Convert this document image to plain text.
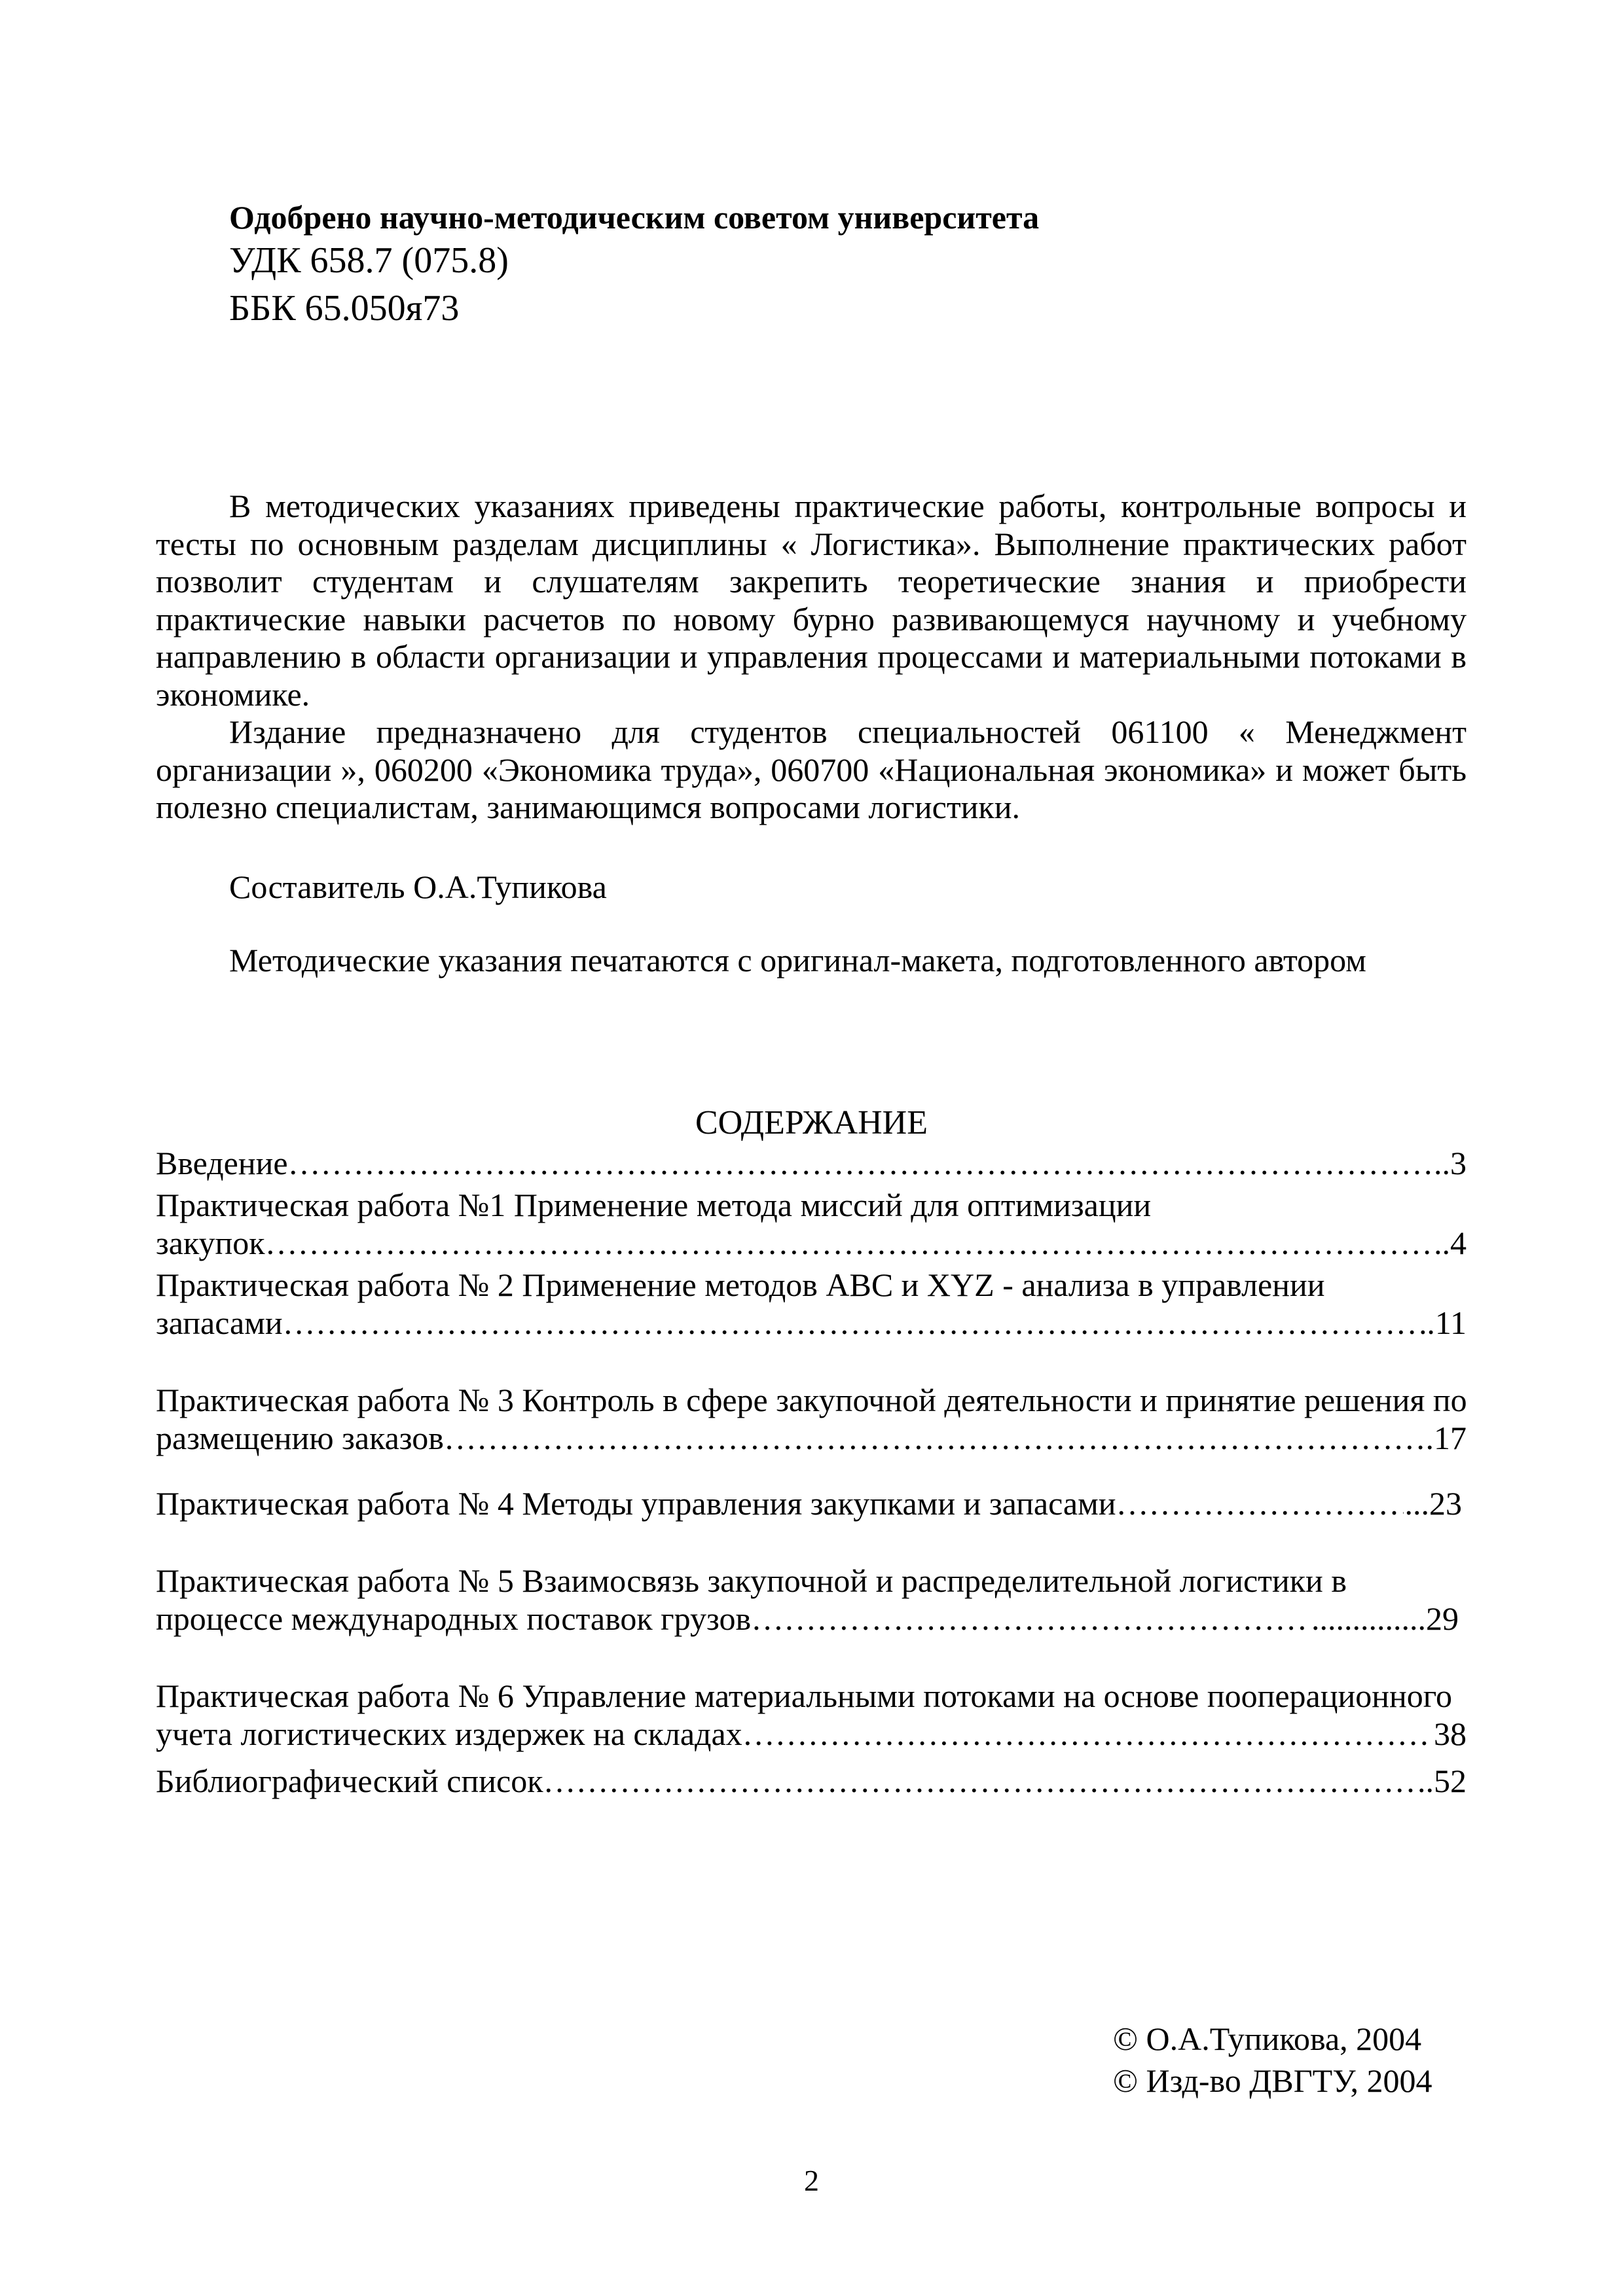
Одобрено научно-методическим советом университета
УДК 658.7 (075.8)
ББК 65.050я73

В методических указаниях приведены практические работы, контрольные вопросы и тесты по основным разделам дисциплины « Логистика». Выполнение практических работ позволит студентам и слушателям закрепить теоретические знания и приобрести практические навыки расчетов по новому бурно развивающемуся научному и учебному направлению в области организации и управления процессами и материальными потоками в экономике.

Издание предназначено для студентов специальностей 061100 « Менеджмент организации », 060200 «Экономика труда», 060700 «Национальная экономика» и может быть полезно специалистам, занимающимся вопросами логистики.

Составитель О.А.Тупикова
Методические указания печатаются с оригинал-макета, подготовленного автором
СОДЕРЖАНИЕ
Введение …………………………………………………………………………………………………………………………………………………………………………………………………………………………	..3
Практическая работа №1 Применение метода миссий для оптимизации
закупок …………………………………………………………………………………………………………………………………………………………………………………………………………………………	.4
Практическая работа № 2 Применение методов ABC и XYZ - анализа в управлении
запасами …………………………………………………………………………………………………………………………………………………………………………………………………………………………	.11
Практическая работа № 3 Контроль в сфере закупочной деятельности и принятие решения по
размещению заказов …………………………………………………………………………………………………………………………………………………………………………………………………………………………	.17
Практическая работа № 4 Методы управления закупками и запасами …………………………………………………………………………………………………………………………………………………………………………………………………………………………	...23
Практическая работа № 5 Взаимосвязь закупочной и распределительной логистики в
процессе международных поставок грузов …………………………………………………………………………………………………………………………………………………………………………………………………………………………	..............29
Практическая работа № 6 Управление материальными потоками на основе пооперационного
учета логистических издержек на складах …………………………………………………………………………………………………………………………………………………………………………………………………………………………	38
Библиографический список …………………………………………………………………………………………………………………………………………………………………………………………………………………………	.52
© О.А.Тупикова, 2004
© Изд-во ДВГТУ, 2004
2
